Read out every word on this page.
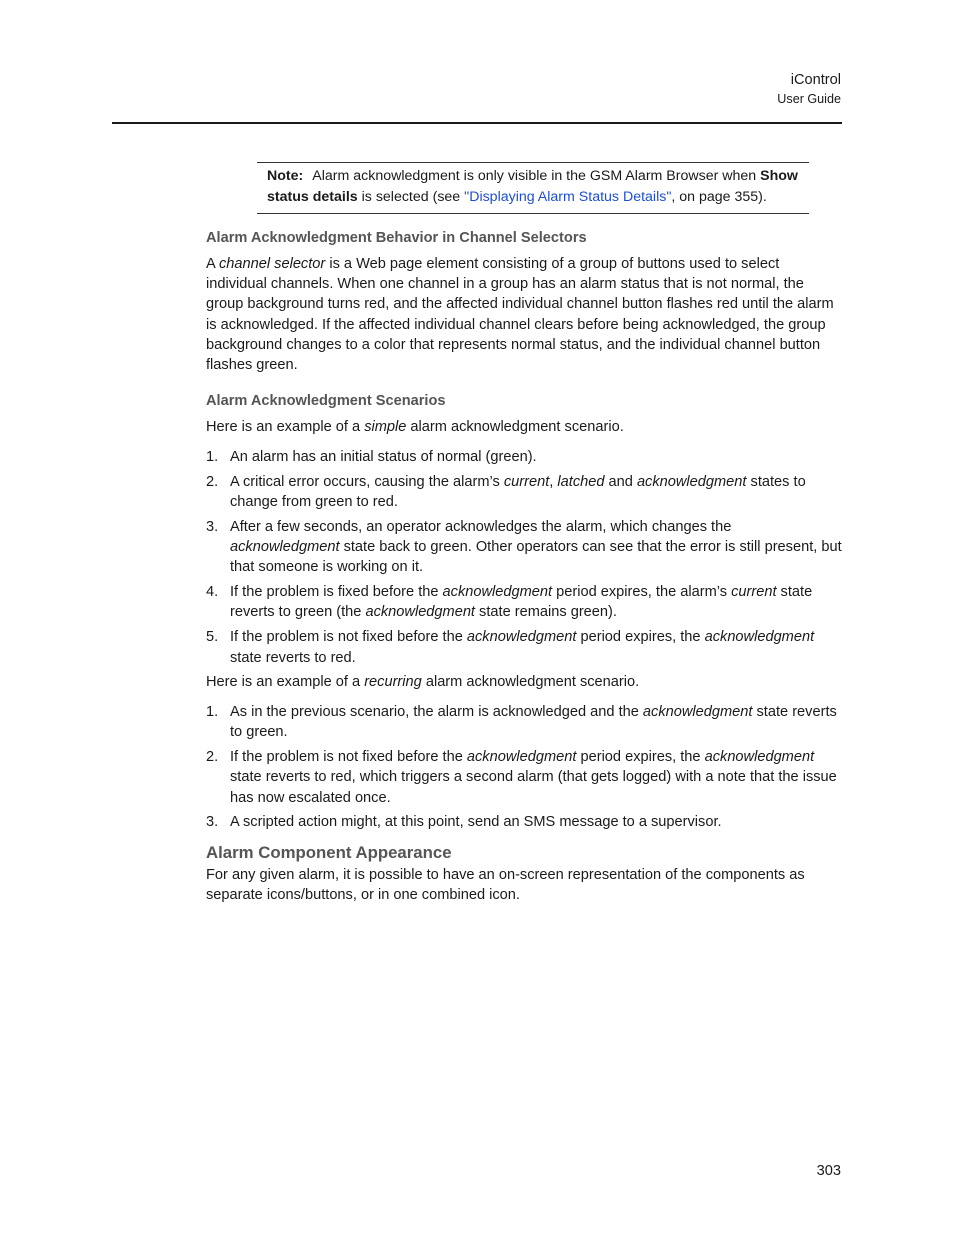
iControl
User Guide

Note: Alarm acknowledgment is only visible in the GSM Alarm Browser when Show status details is selected (see "Displaying Alarm Status Details", on page 355).

Alarm Acknowledgment Behavior in Channel Selectors

A channel selector is a Web page element consisting of a group of buttons used to select individual channels. When one channel in a group has an alarm status that is not normal, the group background turns red, and the affected individual channel button flashes red until the alarm is acknowledged. If the affected individual channel clears before being acknowledged, the group background changes to a color that represents normal status, and the individual channel button flashes green.

Alarm Acknowledgment Scenarios

Here is an example of a simple alarm acknowledgment scenario.

1. An alarm has an initial status of normal (green).
2. A critical error occurs, causing the alarm’s current, latched and acknowledgment states to change from green to red.
3. After a few seconds, an operator acknowledges the alarm, which changes the acknowledgment state back to green. Other operators can see that the error is still present, but that someone is working on it.
4. If the problem is fixed before the acknowledgment period expires, the alarm’s current state reverts to green (the acknowledgment state remains green).
5. If the problem is not fixed before the acknowledgment period expires, the acknowledgment state reverts to red.

Here is an example of a recurring alarm acknowledgment scenario.

1. As in the previous scenario, the alarm is acknowledged and the acknowledgment state reverts to green.
2. If the problem is not fixed before the acknowledgment period expires, the acknowledgment state reverts to red, which triggers a second alarm (that gets logged) with a note that the issue has now escalated once.
3. A scripted action might, at this point, send an SMS message to a supervisor.
Alarm Component Appearance

For any given alarm, it is possible to have an on-screen representation of the components as separate icons/buttons, or in one combined icon.

303
